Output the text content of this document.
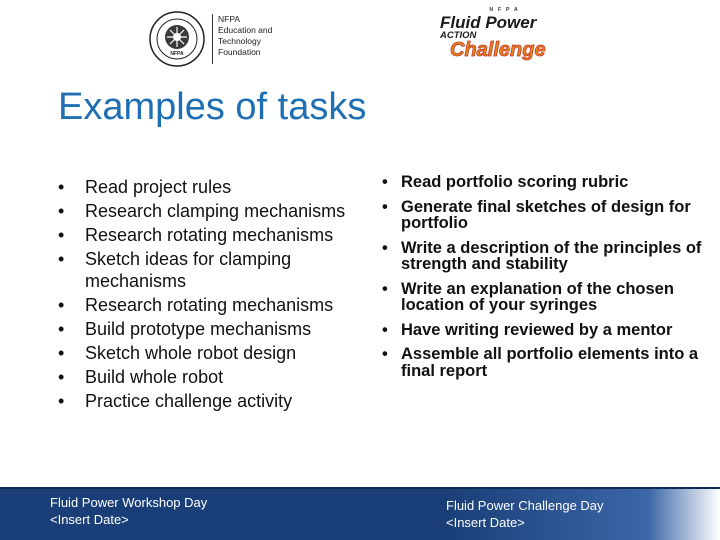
NFPA
NFPA
Education and
Technology
Foundation
NFPA
Fluid Power
ACTION
Challenge
Examples of tasks
• Read project rules
• Research clamping mechanisms
• Research rotating mechanisms
• Sketch ideas for clamping mechanisms
• Research rotating mechanisms
• Build prototype mechanisms
• Sketch whole robot design
• Build whole robot
• Practice challenge activity
• Read portfolio scoring rubric
• Generate final sketches of design for portfolio
• Write a description of the principles of strength and stability
• Write an explanation of the chosen location of your syringes
• Have writing reviewed by a mentor
• Assemble all portfolio elements into a final report
Fluid Power Workshop Day
<Insert Date>
Fluid Power Challenge Day
<Insert Date>
